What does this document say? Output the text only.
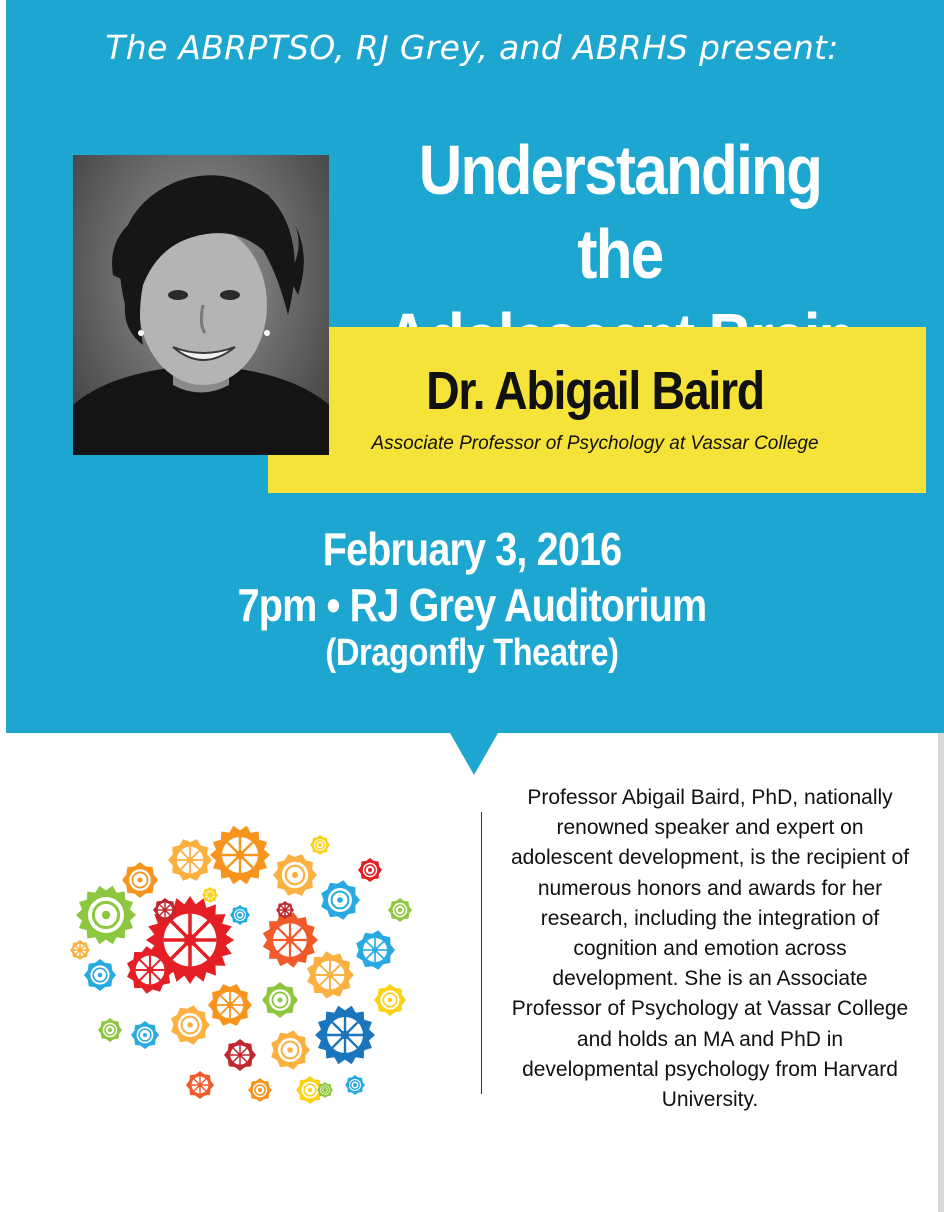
The ABRPTSO, RJ Grey, and ABRHS present:
Understanding the
Dr. Abigail Baird
Associate Professor of Psychology at Vassar College
February 3, 2016
7pm • RJ Grey Auditorium
(Dragonfly Theatre)
Professor Abigail Baird, PhD, nationally renowned speaker and expert on adolescent development, is the recipient of numerous honors and awards for her research, including the integration of cognition and emotion across development. She is an Associate Professor of Psychology at Vassar College and holds an MA and PhD in developmental psychology from Harvard University.
